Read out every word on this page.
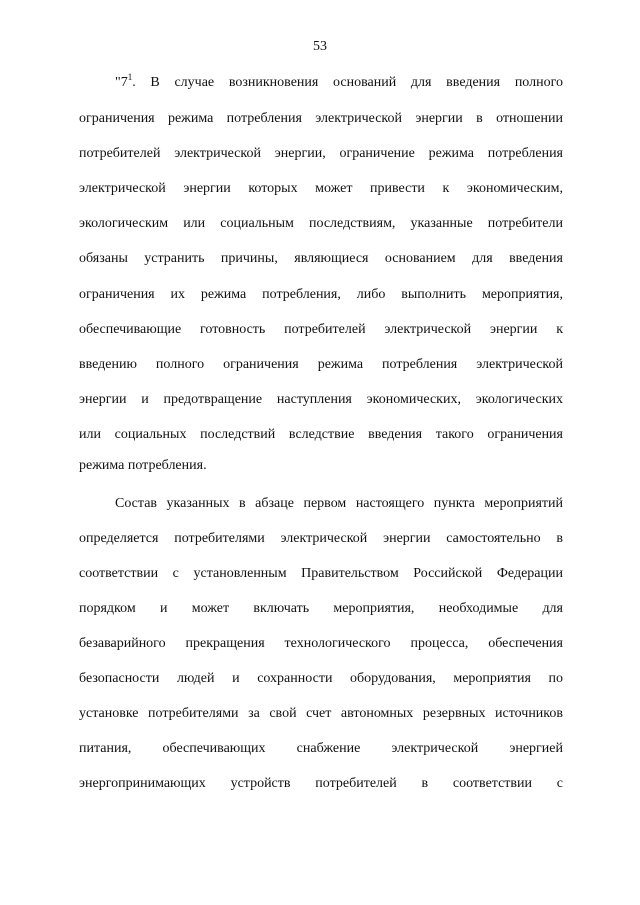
53
"$7^1$. В случае возникновения оснований для введения полного
ограничения режима потребления электрической энергии в отношении
потребителей электрической энергии, ограничение режима потребления
электрической энергии которых может привести к экономическим,
экологическим или социальным последствиям, указанные потребители
обязаны устранить причины, являющиеся основанием для введения
ограничения их режима потребления, либо выполнить мероприятия,
обеспечивающие готовность потребителей электрической энергии к
введению полного ограничения режима потребления электрической
энергии и предотвращение наступления экономических, экологических
или социальных последствий вследствие введения такого ограничения
режима потребления.
Состав указанных в абзаце первом настоящего пункта мероприятий
определяется потребителями электрической энергии самостоятельно в
соответствии с установленным Правительством Российской Федерации
порядком и может включать мероприятия, необходимые для
безаварийного прекращения технологического процесса, обеспечения
безопасности людей и сохранности оборудования, мероприятия по
установке потребителями за свой счет автономных резервных источников
питания, обеспечивающих снабжение электрической энергией
энергопринимающих устройств потребителей в соответствии с
